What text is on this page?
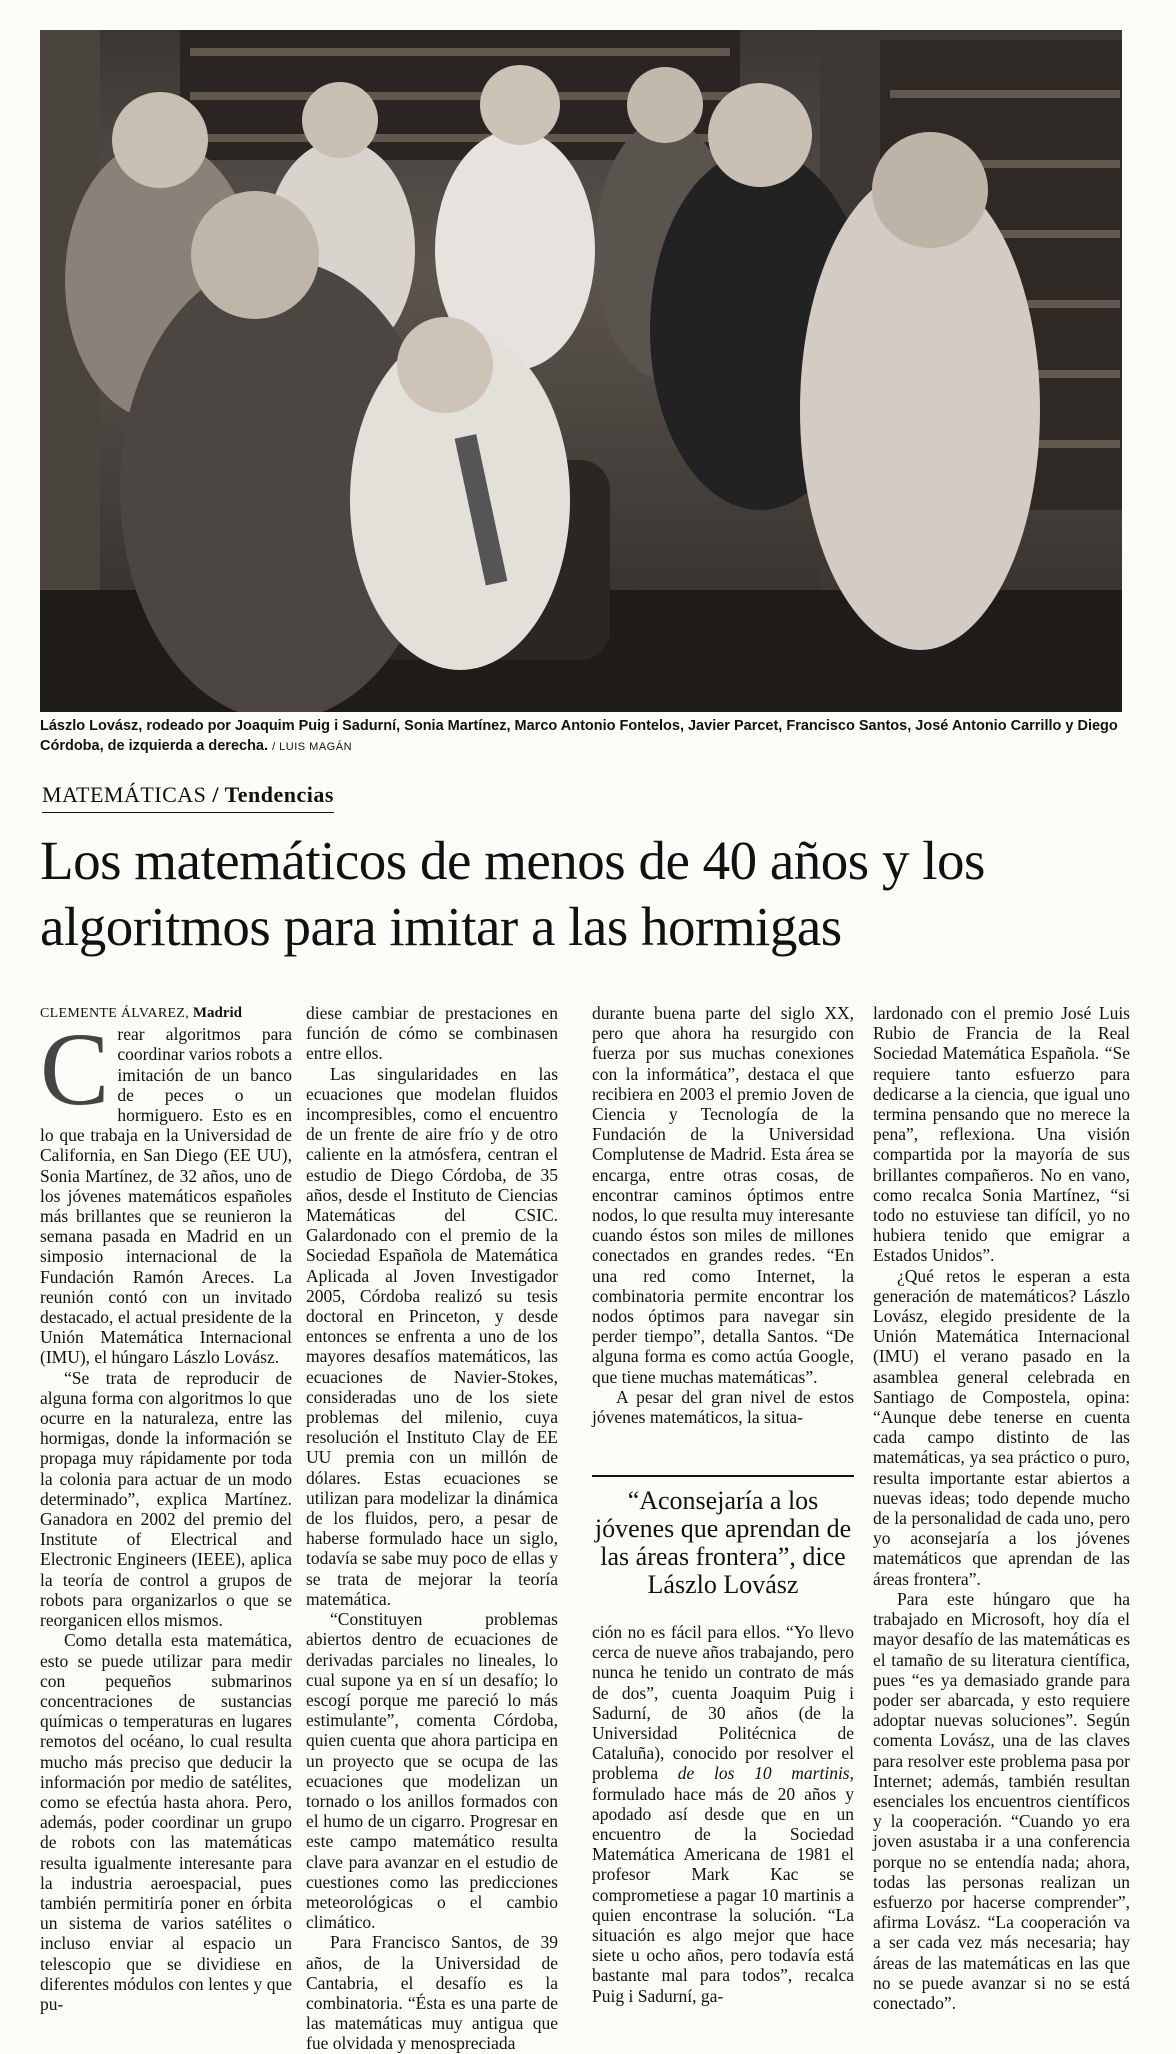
Lászlo Lovász, rodeado por Joaquim Puig i Sadurní, Sonia Martínez, Marco Antonio Fontelos, Javier Parcet, Francisco Santos, José Antonio Carrillo y Diego Córdoba, de izquierda a derecha. / LUIS MAGÁN
MATEMÁTICAS / Tendencias
Los matemáticos de menos de 40 años y los algoritmos para imitar a las hormigas
CLEMENTE ÁLVAREZ, Madrid

Crear algoritmos para coordinar varios robots a imitación de un banco de peces o un hormiguero. Esto es en lo que trabaja en la Universidad de California, en San Diego (EE UU), Sonia Martínez, de 32 años, uno de los jóvenes matemáticos españoles más brillantes que se reunieron la semana pasada en Madrid en un simposio internacional de la Fundación Ramón Areces. La reunión contó con un invitado destacado, el actual presidente de la Unión Matemática Internacional (IMU), el húngaro Lászlo Lovász.

“Se trata de reproducir de alguna forma con algoritmos lo que ocurre en la naturaleza, entre las hormigas, donde la información se propaga muy rápidamente por toda la colonia para actuar de un modo determinado”, explica Martínez. Ganadora en 2002 del premio del Institute of Electrical and Electronic Engineers (IEEE), aplica la teoría de control a grupos de robots para organizarlos o que se reorganicen ellos mismos.

Como detalla esta matemática, esto se puede utilizar para medir con pequeños submarinos concentraciones de sustancias químicas o temperaturas en lugares remotos del océano, lo cual resulta mucho más preciso que deducir la información por medio de satélites, como se efectúa hasta ahora. Pero, además, poder coordinar un grupo de robots con las matemáticas resulta igualmente interesante para la industria aeroespacial, pues también permitiría poner en órbita un sistema de varios satélites o incluso enviar al espacio un telescopio que se dividiese en diferentes módulos con lentes y que pu-

diese cambiar de prestaciones en función de cómo se combinasen entre ellos.

Las singularidades en las ecuaciones que modelan fluidos incompresibles, como el encuentro de un frente de aire frío y de otro caliente en la atmósfera, centran el estudio de Diego Córdoba, de 35 años, desde el Instituto de Ciencias Matemáticas del CSIC. Galardonado con el premio de la Sociedad Española de Matemática Aplicada al Joven Investigador 2005, Córdoba realizó su tesis doctoral en Princeton, y desde entonces se enfrenta a uno de los mayores desafíos matemáticos, las ecuaciones de Navier-Stokes, consideradas uno de los siete problemas del milenio, cuya resolución el Instituto Clay de EE UU premia con un millón de dólares. Estas ecuaciones se utilizan para modelizar la dinámica de los fluidos, pero, a pesar de haberse formulado hace un siglo, todavía se sabe muy poco de ellas y se trata de mejorar la teoría matemática.

“Constituyen problemas abiertos dentro de ecuaciones de derivadas parciales no lineales, lo cual supone ya en sí un desafío; lo escogí porque me pareció lo más estimulante”, comenta Córdoba, quien cuenta que ahora participa en un proyecto que se ocupa de las ecuaciones que modelizan un tornado o los anillos formados con el humo de un cigarro. Progresar en este campo matemático resulta clave para avanzar en el estudio de cuestiones como las predicciones meteorológicas o el cambio climático.

Para Francisco Santos, de 39 años, de la Universidad de Cantabria, el desafío es la combinatoria. “Ésta es una parte de las matemáticas muy antigua que fue olvidada y menospreciada

durante buena parte del siglo XX, pero que ahora ha resurgido con fuerza por sus muchas conexiones con la informática”, destaca el que recibiera en 2003 el premio Joven de Ciencia y Tecnología de la Fundación de la Universidad Complutense de Madrid. Esta área se encarga, entre otras cosas, de encontrar caminos óptimos entre nodos, lo que resulta muy interesante cuando éstos son miles de millones conectados en grandes redes. “En una red como Internet, la combinatoria permite encontrar los nodos óptimos para navegar sin perder tiempo”, detalla Santos. “De alguna forma es como actúa Google, que tiene muchas matemáticas”.

A pesar del gran nivel de estos jóvenes matemáticos, la situa-

“Aconsejaría a los jóvenes que aprendan de las áreas frontera”, dice Lászlo Lovász

ción no es fácil para ellos. “Yo llevo cerca de nueve años trabajando, pero nunca he tenido un contrato de más de dos”, cuenta Joaquim Puig i Sadurní, de 30 años (de la Universidad Politécnica de Cataluña), conocido por resolver el problema de los 10 martinis, formulado hace más de 20 años y apodado así desde que en un encuentro de la Sociedad Matemática Americana de 1981 el profesor Mark Kac se comprometiese a pagar 10 martinis a quien encontrase la solución. “La situación es algo mejor que hace siete u ocho años, pero todavía está bastante mal para todos”, recalca Puig i Sadurní, ga-

lardonado con el premio José Luis Rubio de Francia de la Real Sociedad Matemática Española. “Se requiere tanto esfuerzo para dedicarse a la ciencia, que igual uno termina pensando que no merece la pena”, reflexiona. Una visión compartida por la mayoría de sus brillantes compañeros. No en vano, como recalca Sonia Martínez, “si todo no estuviese tan difícil, yo no hubiera tenido que emigrar a Estados Unidos”.

¿Qué retos le esperan a esta generación de matemáticos? Lászlo Lovász, elegido presidente de la Unión Matemática Internacional (IMU) el verano pasado en la asamblea general celebrada en Santiago de Compostela, opina: “Aunque debe tenerse en cuenta cada campo distinto de las matemáticas, ya sea práctico o puro, resulta importante estar abiertos a nuevas ideas; todo depende mucho de la personalidad de cada uno, pero yo aconsejaría a los jóvenes matemáticos que aprendan de las áreas frontera”.

Para este húngaro que ha trabajado en Microsoft, hoy día el mayor desafío de las matemáticas es el tamaño de su literatura científica, pues “es ya demasiado grande para poder ser abarcada, y esto requiere adoptar nuevas soluciones”. Según comenta Lovász, una de las claves para resolver este problema pasa por Internet; además, también resultan esenciales los encuentros científicos y la cooperación. “Cuando yo era joven asustaba ir a una conferencia porque no se entendía nada; ahora, todas las personas realizan un esfuerzo por hacerse comprender”, afirma Lovász. “La cooperación va a ser cada vez más necesaria; hay áreas de las matemáticas en las que no se puede avanzar si no se está conectado”.
